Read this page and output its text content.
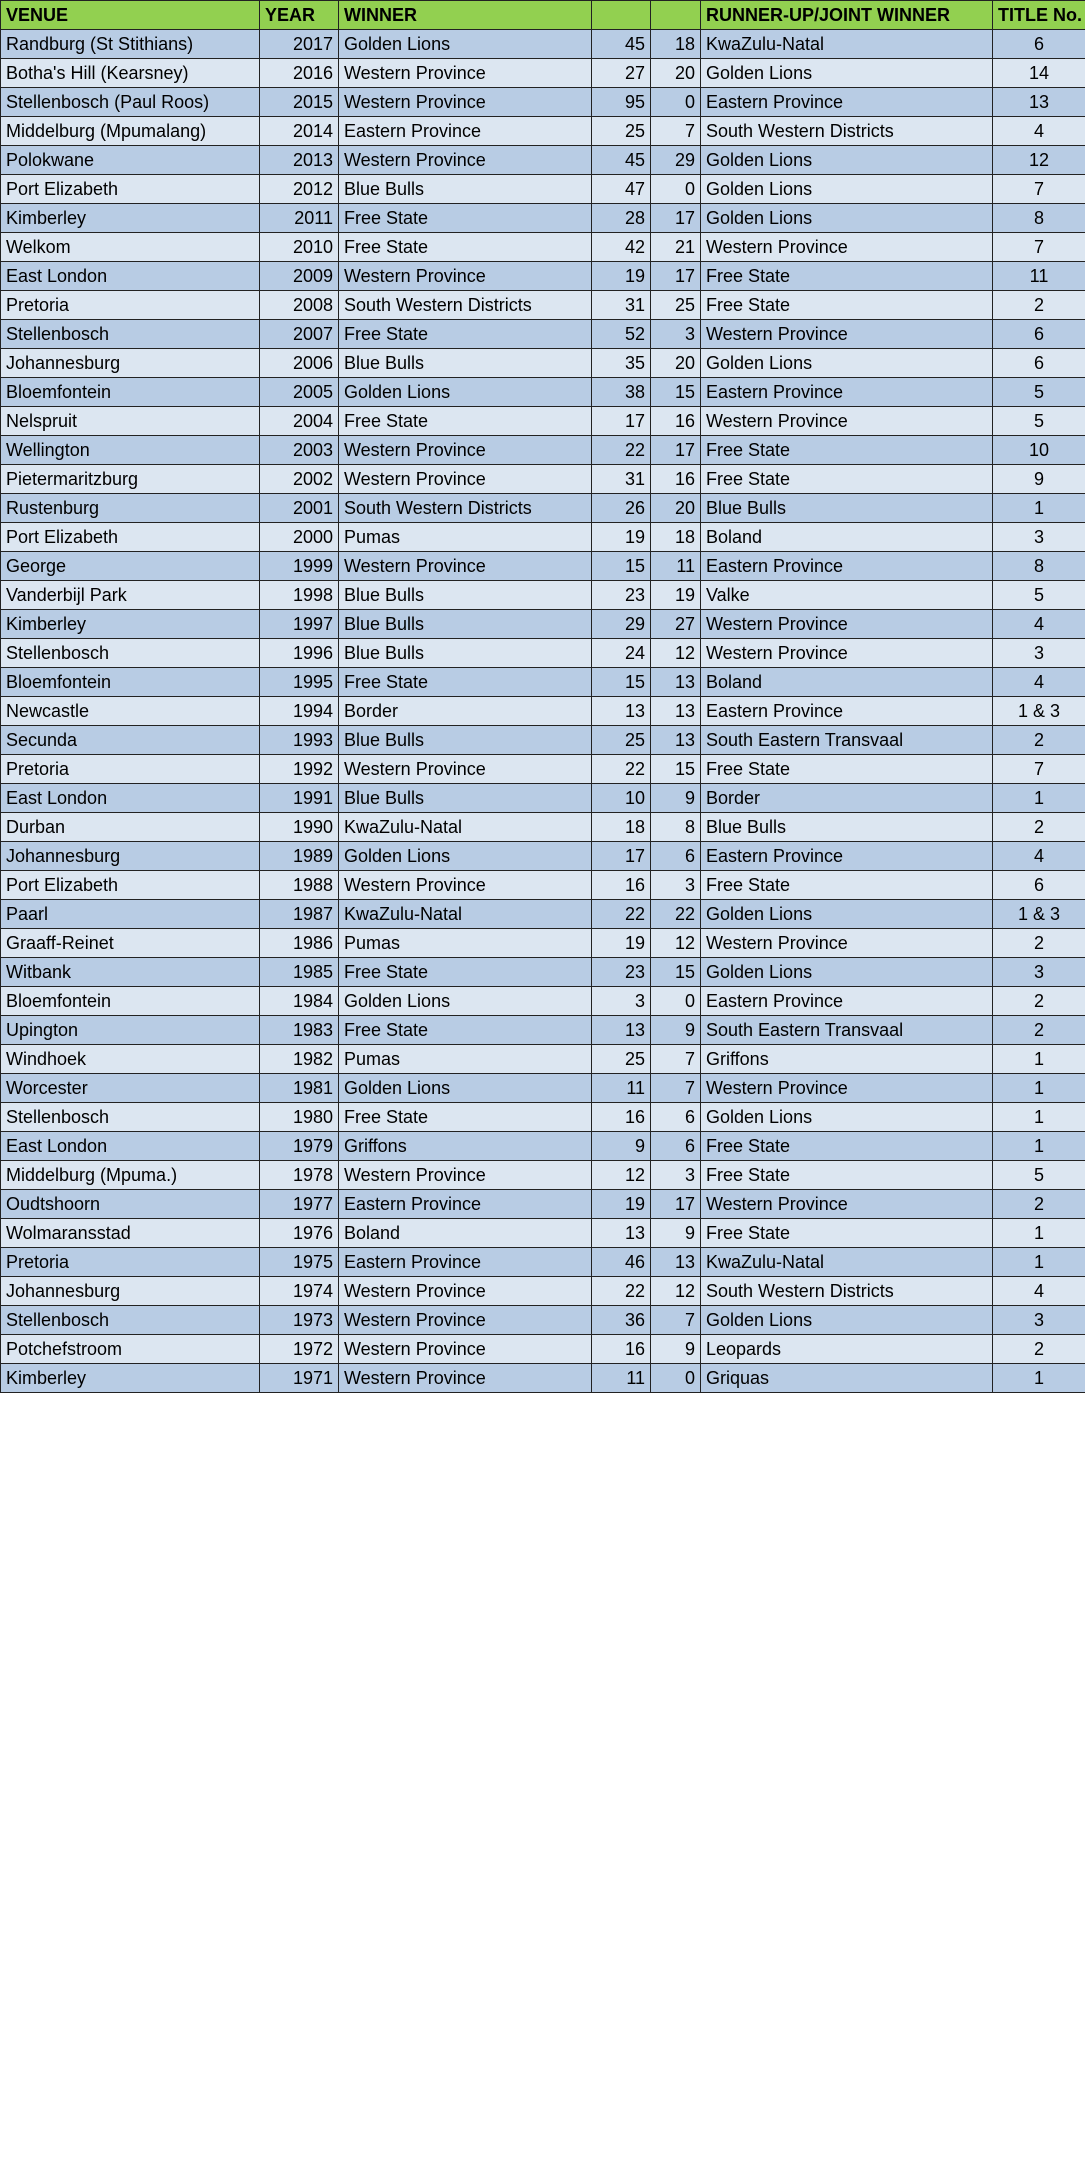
VENUE	YEAR	WINNER			RUNNER-UP/JOINT WINNER	TITLE No.
Randburg (St Stithians)	2017	Golden Lions	45	18	KwaZulu-Natal	6
Botha's Hill (Kearsney)	2016	Western Province	27	20	Golden Lions	14
Stellenbosch (Paul Roos)	2015	Western Province	95	0	Eastern Province	13
Middelburg (Mpumalang)	2014	Eastern Province	25	7	South Western Districts	4
Polokwane	2013	Western Province	45	29	Golden Lions	12
Port Elizabeth	2012	Blue Bulls	47	0	Golden Lions	7
Kimberley	2011	Free State	28	17	Golden Lions	8
Welkom	2010	Free State	42	21	Western Province	7
East London	2009	Western Province	19	17	Free State	11
Pretoria	2008	South Western Districts	31	25	Free State	2
Stellenbosch	2007	Free State	52	3	Western Province	6
Johannesburg	2006	Blue Bulls	35	20	Golden Lions	6
Bloemfontein	2005	Golden Lions	38	15	Eastern Province	5
Nelspruit	2004	Free State	17	16	Western Province	5
Wellington	2003	Western Province	22	17	Free State	10
Pietermaritzburg	2002	Western Province	31	16	Free State	9
Rustenburg	2001	South Western Districts	26	20	Blue Bulls	1
Port Elizabeth	2000	Pumas	19	18	Boland	3
George	1999	Western Province	15	11	Eastern Province	8
Vanderbijl Park	1998	Blue Bulls	23	19	Valke	5
Kimberley	1997	Blue Bulls	29	27	Western Province	4
Stellenbosch	1996	Blue Bulls	24	12	Western Province	3
Bloemfontein	1995	Free State	15	13	Boland	4
Newcastle	1994	Border	13	13	Eastern Province	1 & 3
Secunda	1993	Blue Bulls	25	13	South Eastern Transvaal	2
Pretoria	1992	Western Province	22	15	Free State	7
East London	1991	Blue Bulls	10	9	Border	1
Durban	1990	KwaZulu-Natal	18	8	Blue Bulls	2
Johannesburg	1989	Golden Lions	17	6	Eastern Province	4
Port Elizabeth	1988	Western Province	16	3	Free State	6
Paarl	1987	KwaZulu-Natal	22	22	Golden Lions	1 & 3
Graaff-Reinet	1986	Pumas	19	12	Western Province	2
Witbank	1985	Free State	23	15	Golden Lions	3
Bloemfontein	1984	Golden Lions	3	0	Eastern Province	2
Upington	1983	Free State	13	9	South Eastern Transvaal	2
Windhoek	1982	Pumas	25	7	Griffons	1
Worcester	1981	Golden Lions	11	7	Western Province	1
Stellenbosch	1980	Free State	16	6	Golden Lions	1
East London	1979	Griffons	9	6	Free State	1
Middelburg (Mpuma.)	1978	Western Province	12	3	Free State	5
Oudtshoorn	1977	Eastern Province	19	17	Western Province	2
Wolmaransstad	1976	Boland	13	9	Free State	1
Pretoria	1975	Eastern Province	46	13	KwaZulu-Natal	1
Johannesburg	1974	Western Province	22	12	South Western Districts	4
Stellenbosch	1973	Western Province	36	7	Golden Lions	3
Potchefstroom	1972	Western Province	16	9	Leopards	2
Kimberley	1971	Western Province	11	0	Griquas	1
